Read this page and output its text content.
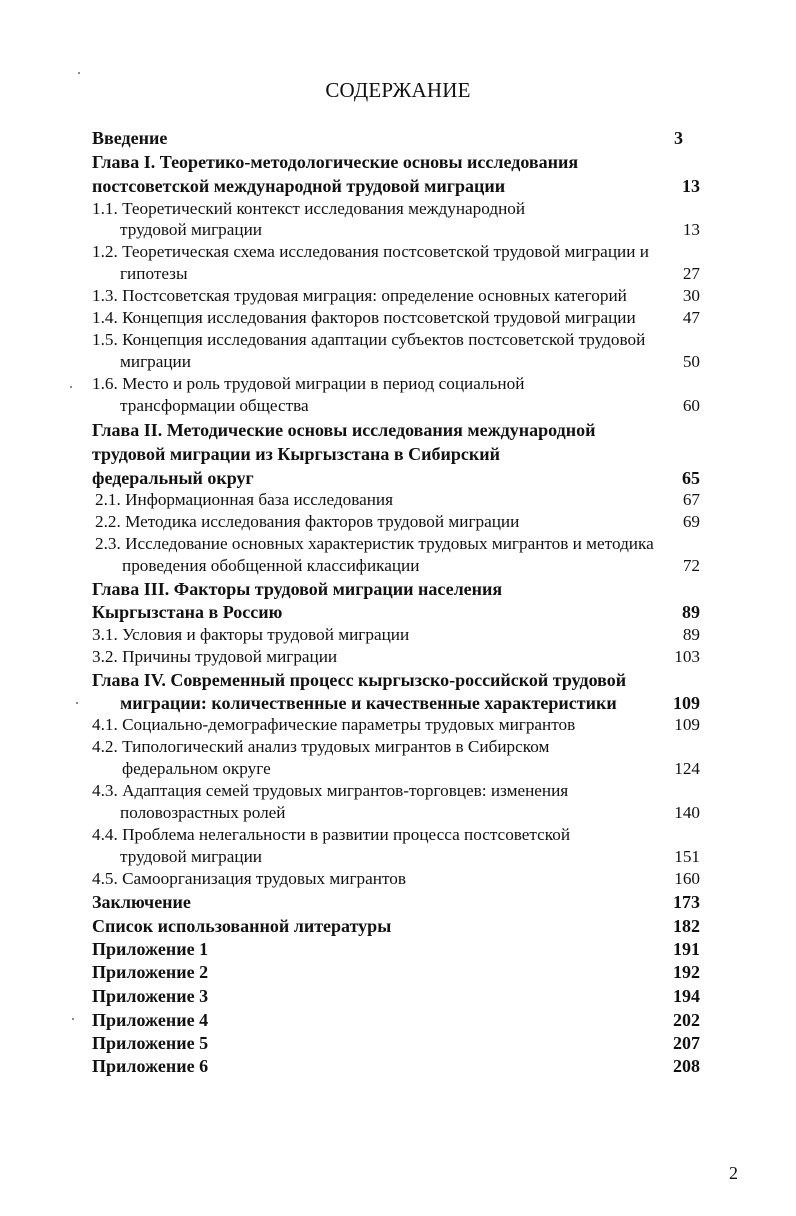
СОДЕРЖАНИЕ
Введение	3
Глава I. Теоретико-методологические основы исследования
постсоветской международной трудовой миграции	13
1.1. Теоретический контекст исследования международной
трудовой миграции	13
1.2. Теоретическая схема исследования постсоветской трудовой миграции и
гипотезы	27
1.3. Постсоветская трудовая миграция: определение основных категорий	30
1.4. Концепция исследования факторов постсоветской трудовой миграции	47
1.5. Концепция исследования адаптации субъектов постсоветской трудовой
миграции	50
1.6. Место и роль трудовой миграции в период социальной
трансформации общества	60
Глава II. Методические основы исследования международной
трудовой миграции из Кыргызстана в Сибирский
федеральный округ	65
2.1. Информационная база исследования	67
2.2. Методика исследования факторов трудовой миграции	69
2.3. Исследование основных характеристик трудовых мигрантов и методика
проведения обобщенной классификации	72
Глава III. Факторы трудовой миграции населения
Кыргызстана в Россию	89
3.1. Условия и факторы трудовой миграции	89
3.2. Причины трудовой миграции	103
Глава IV. Современный процесс кыргызско-российской трудовой
миграции: количественные и качественные характеристики	109
4.1. Социально-демографические параметры трудовых мигрантов	109
4.2. Типологический анализ трудовых мигрантов в Сибирском
федеральном округе	124
4.3. Адаптация семей трудовых мигрантов-торговцев: изменения
половозрастных ролей	140
4.4. Проблема нелегальности в развитии процесса постсоветской
трудовой миграции	151
4.5. Самоорганизация трудовых мигрантов	160
Заключение	173
Список использованной литературы	182
Приложение 1	191
Приложение 2	192
Приложение 3	194
Приложение 4	202
Приложение 5	207
Приложение 6	208
2
